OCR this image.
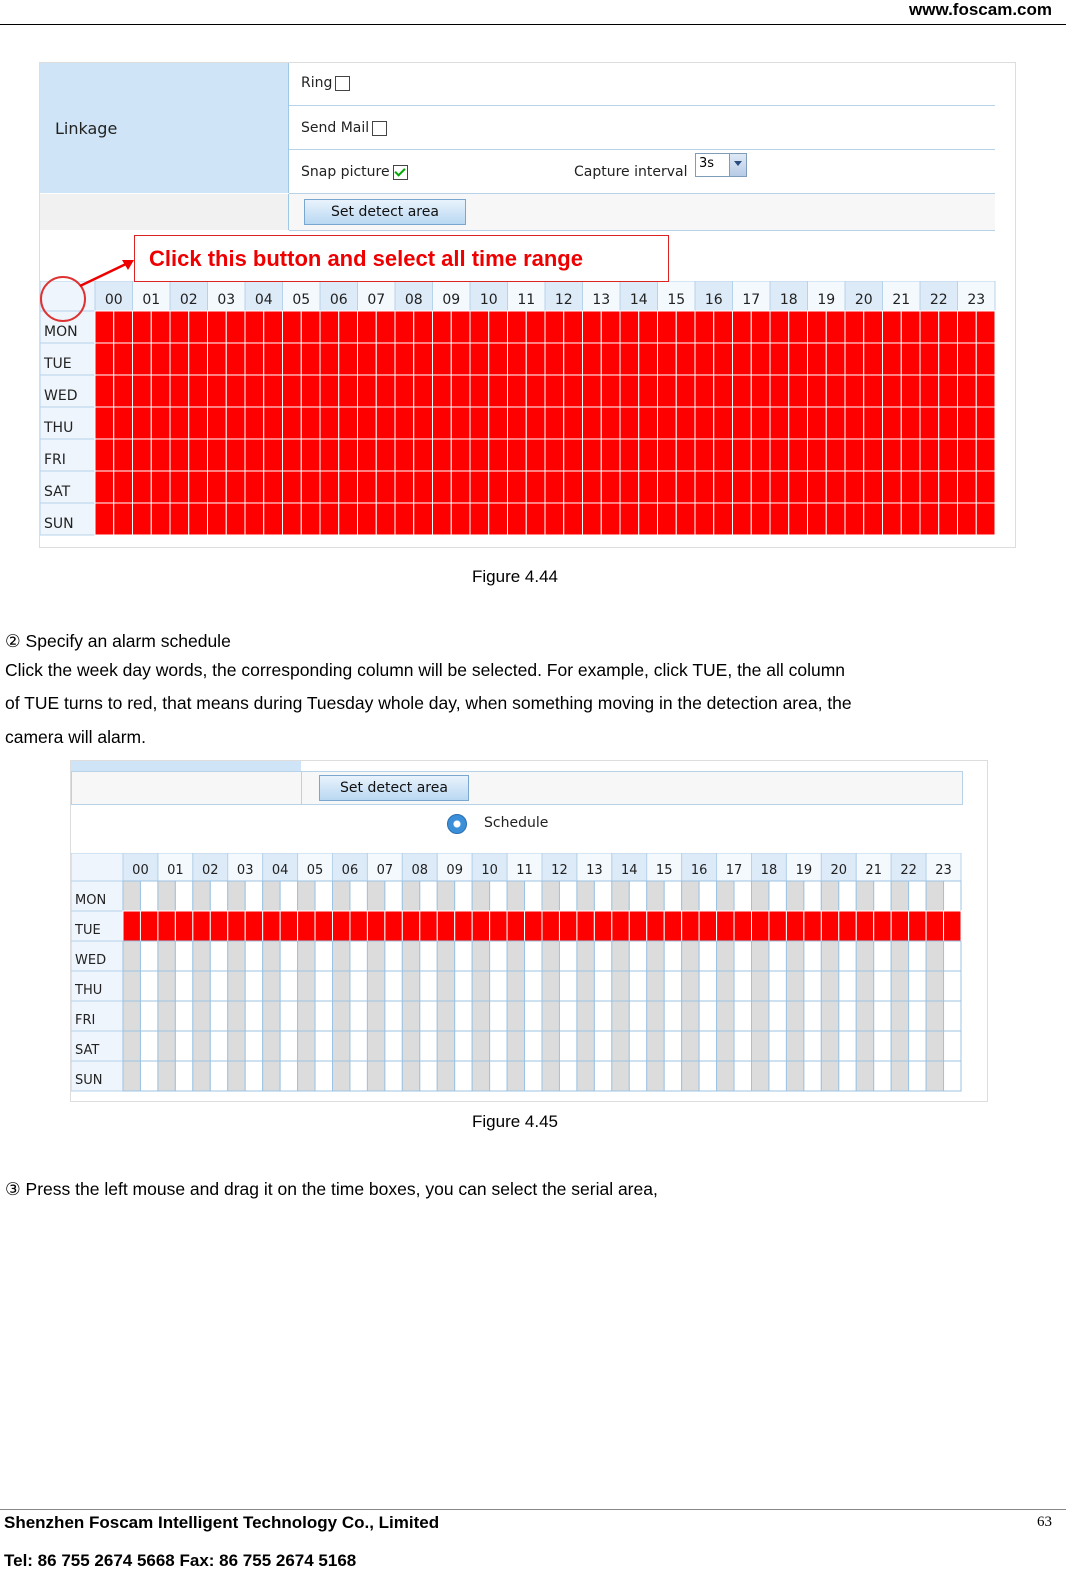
www.foscam.com
Linkage
Ring
Send Mail
Snap picture	Capture interval
3s
Set detect area
00 01 02 03 04 05 06 07 08 09 10 11 12 13 14 15 16 17 18 19 20 21 22 23
MON
TUE
WED
THU
FRI
SAT
SUN
Click this button and select all time range
Figure 4.44
② Specify an alarm schedule
Click the week day words, the corresponding column will be selected. For example, click TUE, the all column
of TUE turns to red, that means during Tuesday whole day, when something moving in the detection area, the
camera will alarm.
Set detect area
Schedule
00 01 02 03 04 05 06 07 08 09 10 11 12 13 14 15 16 17 18 19 20 21 22 23
MON
TUE
WED
THU
FRI
SAT
SUN
Figure 4.45
③ Press the left mouse and drag it on the time boxes, you can select the serial area,
Shenzhen Foscam Intelligent Technology Co., Limited
Tel: 86 755 2674 5668 Fax: 86 755 2674 5168
63
